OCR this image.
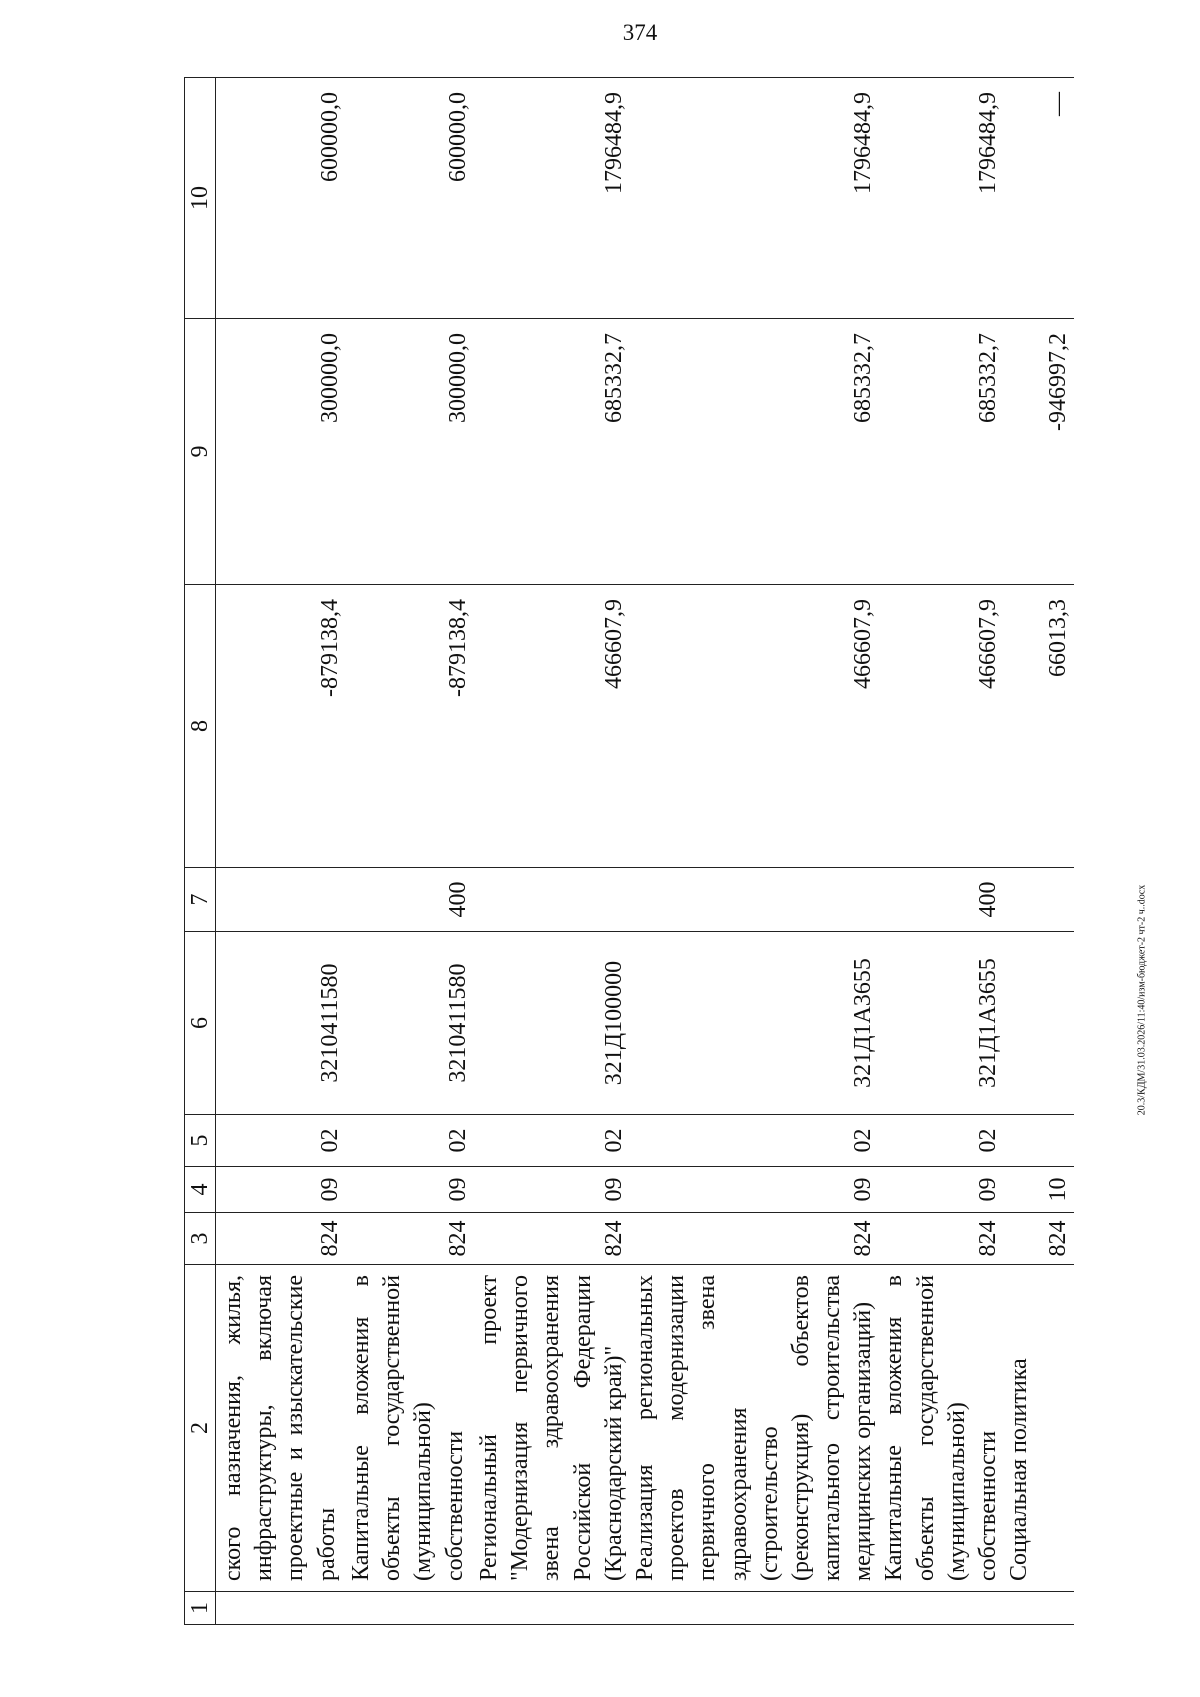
374
20.3/КДМ/31.03.2026/11:40/изм-бюджет-2 чт-2 ч..docx
1	2	3	4	5	6	7	8	9	10
	ского назначения, жилья, инфраструктуры, включая проектные и изыскательские работы	824	09	02	3210411580		-879138,4	300000,0	600000,0
	Капитальные вложения в объекты государственной (муниципальной) собственности	824	09	02	3210411580	400	-879138,4	300000,0	600000,0
	Региональный проект "Модернизация первичного звена здравоохранения Российской Федерации (Краснодарский край)"	824	09	02	321Д100000		466607,9	685332,7	1796484,9
	Реализация региональных проектов модернизации первичного звена здравоохранения (строительство (реконструкция) объектов капитального строительства медицинских организаций)	824	09	02	321Д1А3655		466607,9	685332,7	1796484,9
	Капитальные вложения в объекты государственной (муниципальной) собственности	824	09	02	321Д1А3655	400	466607,9	685332,7	1796484,9
	Социальная политика	824	10				66013,3	-946997,2	—
